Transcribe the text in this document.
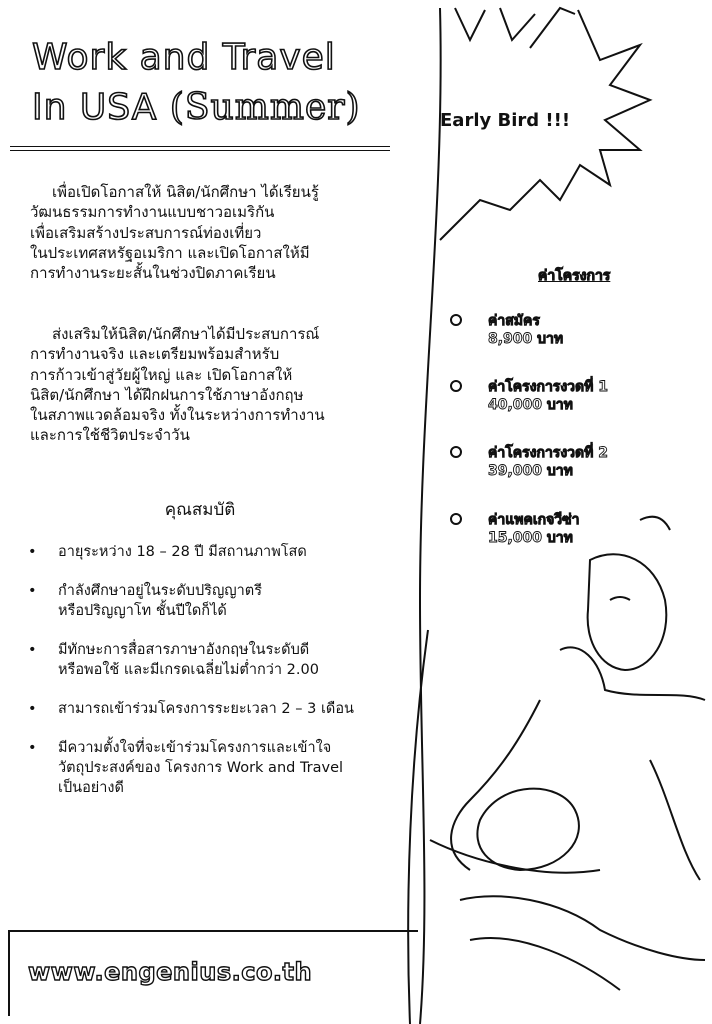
Work and Travel
In USA (Summer)

เพื่อเปิดโอกาสให้ นิสิต/นักศึกษา ได้เรียนรู้

วัฒนธรรมการทำงานแบบชาวอเมริกัน

เพื่อเสริมสร้างประสบการณ์ท่องเที่ยว

ในประเทศสหรัฐอเมริกา และเปิดโอกาสให้มี

การทำงานระยะสั้นในช่วงปิดภาคเรียน

ส่งเสริมให้นิสิต/นักศึกษาได้มีประสบการณ์

การทำงานจริง และเตรียมพร้อมสำหรับ

การก้าวเข้าสู่วัยผู้ใหญ่ และ เปิดโอกาสให้

นิสิต/นักศึกษา ได้ฝึกฝนการใช้ภาษาอังกฤษ

ในสภาพแวดล้อมจริง ทั้งในระหว่างการทำงาน

และการใช้ชีวิตประจำวัน

คุณสมบัติ
• อายุระหว่าง 18 – 28 ปี มีสถานภาพโสด
• กำลังศึกษาอยู่ในระดับปริญญาตรี
หรือปริญญาโท ชั้นปีใดก็ได้
• มีทักษะการสื่อสารภาษาอังกฤษในระดับดี
หรือพอใช้ และมีเกรดเฉลี่ยไม่ต่ำกว่า 2.00
• สามารถเข้าร่วมโครงการระยะเวลา 2 – 3 เดือน
• มีความตั้งใจที่จะเข้าร่วมโครงการและเข้าใจ
วัตถุประสงค์ของ โครงการ Work and Travel
เป็นอย่างดี
Early Bird !!!
ค่าโครงการ
ค่าสมัคร
8,900 บาท
ค่าโครงการงวดที่ 1
40,000 บาท
ค่าโครงการงวดที่ 2
39,000 บาท
ค่าแพคเกจวีซ่า
15,000 บาท
www.engenius.co.th
